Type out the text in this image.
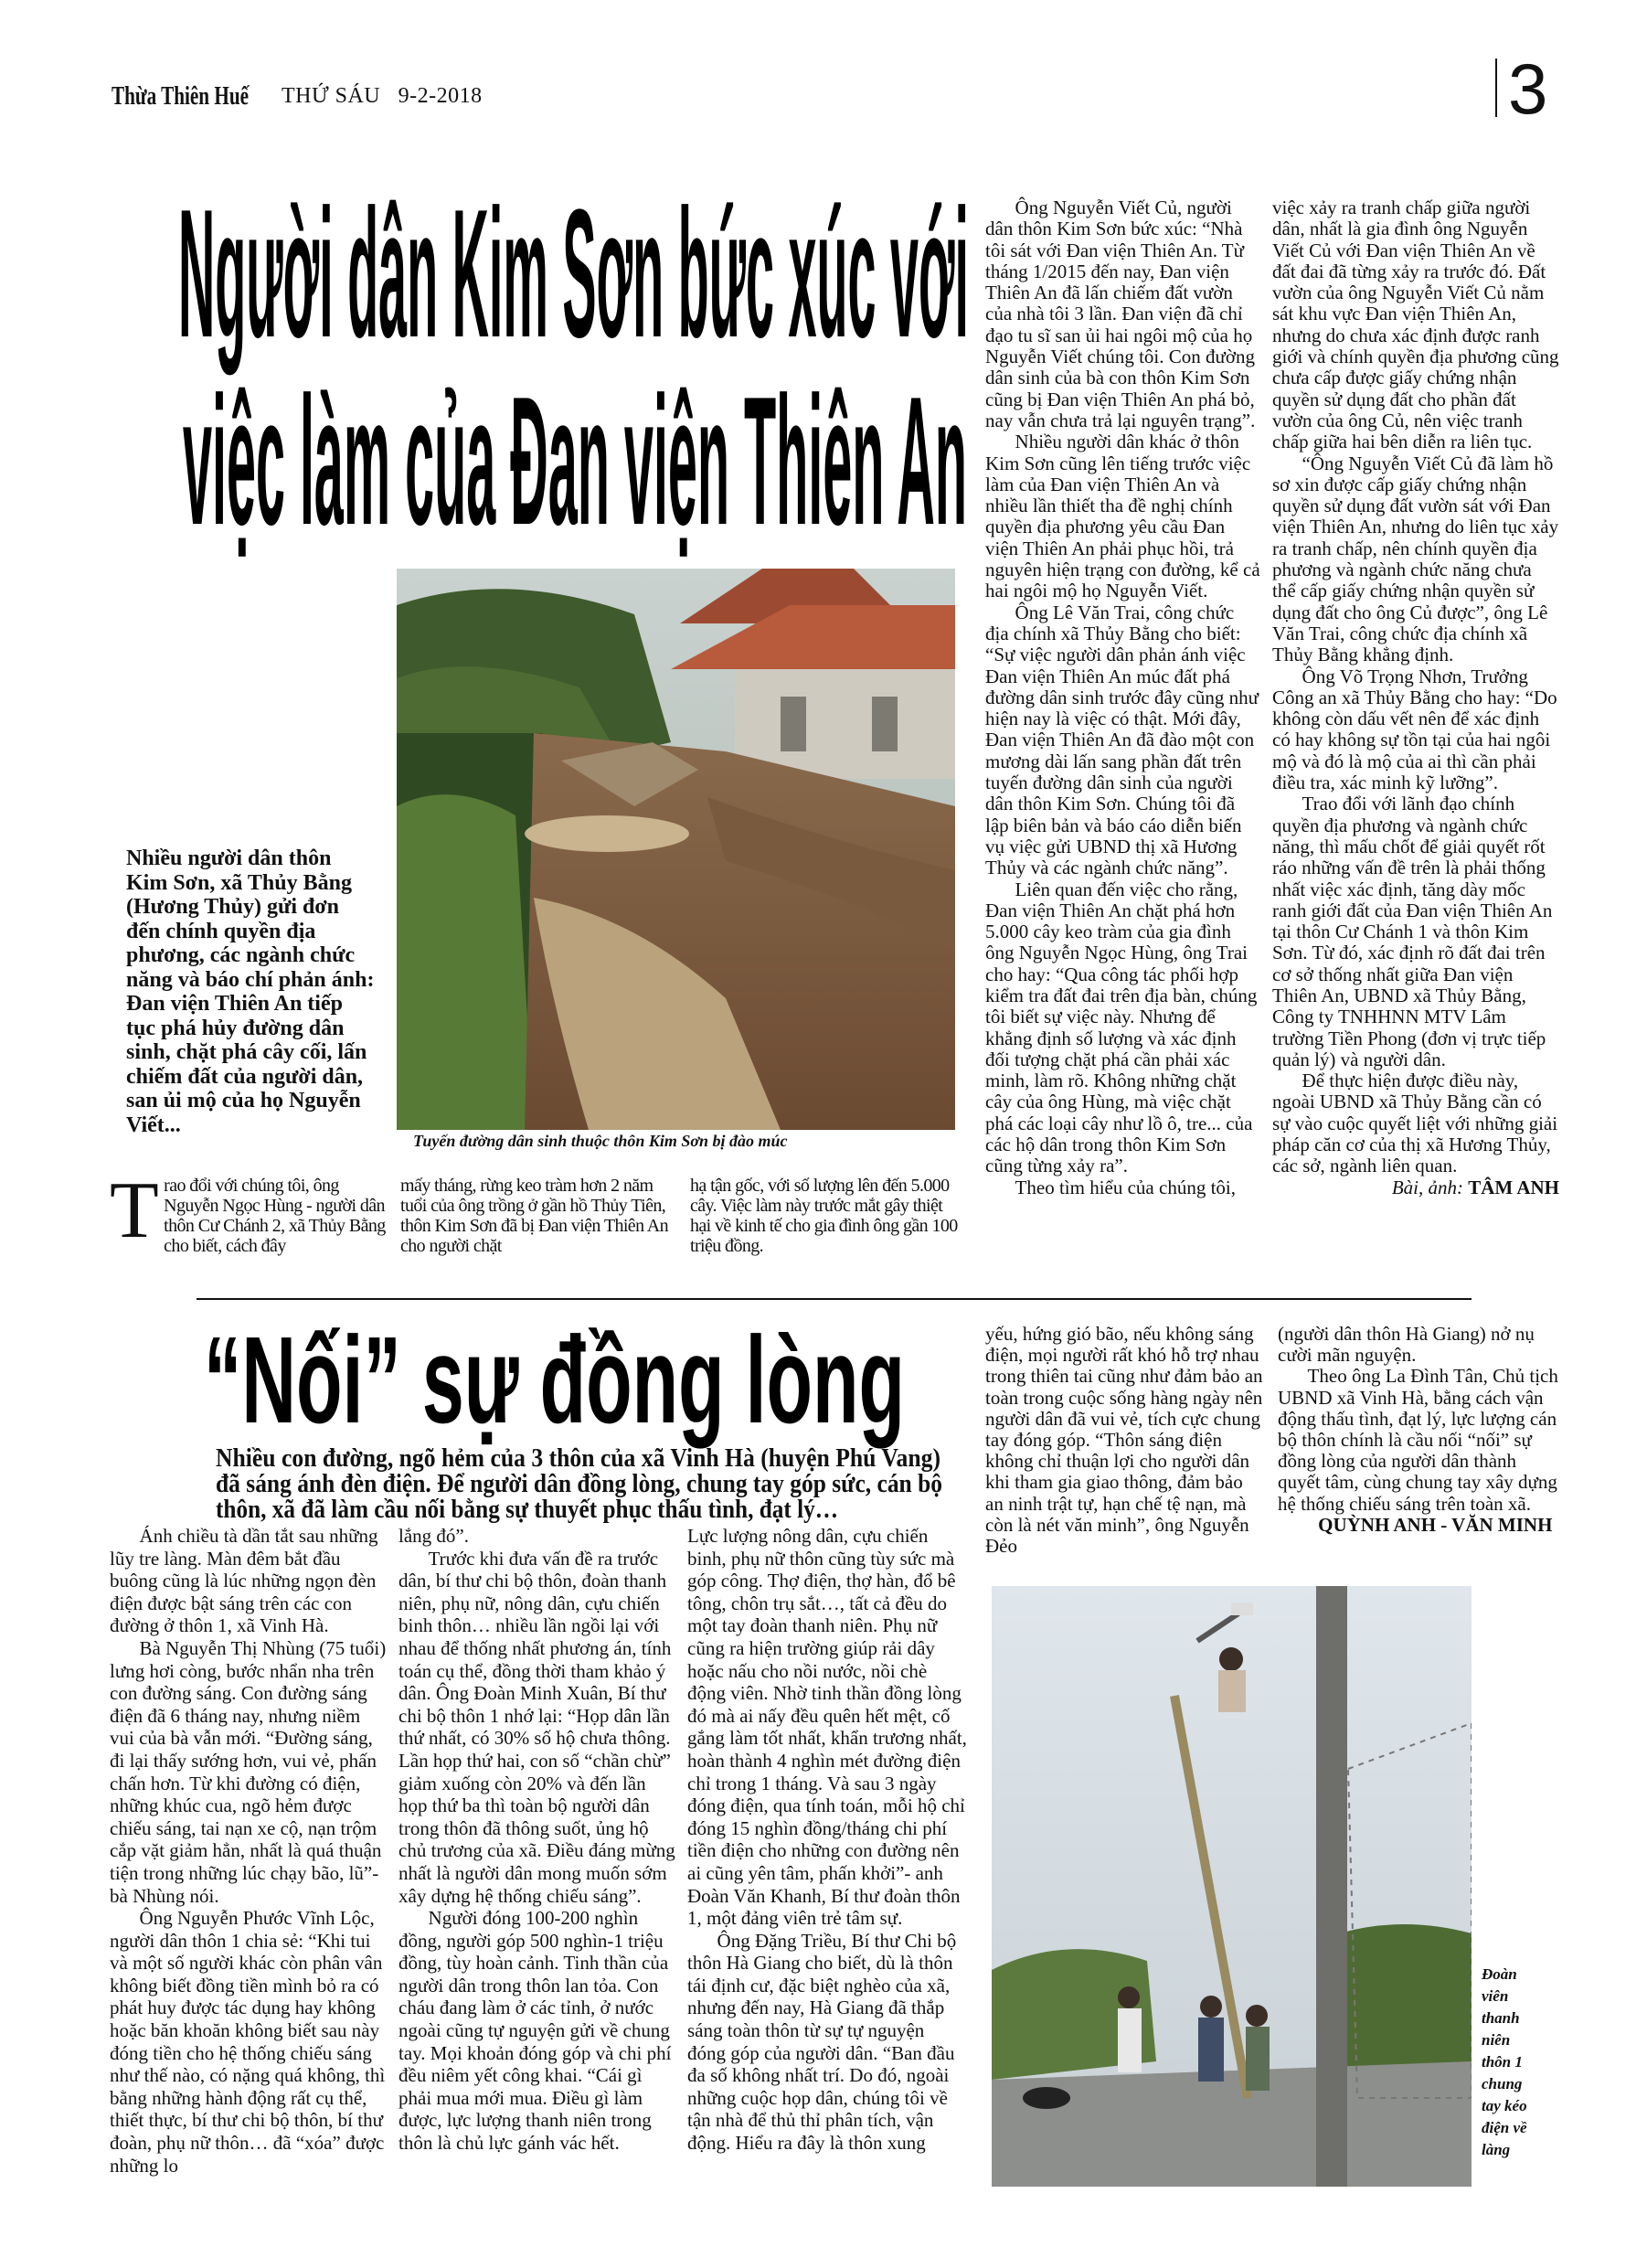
Thừa Thiên Huế	THỨ SÁU   9-2-2018	3
Người dân Kim Sơn bức xúc với
việc làm của Đan viện Thiên An
Nhiều người dân thôn Kim Sơn, xã Thủy Bằng (Hương Thủy) gửi đơn đến chính quyền địa phương, các ngành chức năng và báo chí phản ánh: Đan viện Thiên An tiếp tục phá hủy đường dân sinh, chặt phá cây cối, lấn chiếm đất của người dân, san ủi mộ của họ Nguyễn Viết...
Tuyến đường dân sinh thuộc thôn Kim Sơn bị đào múc

Trao đổi với chúng tôi, ông Nguyễn Ngọc Hùng - người dân thôn Cư Chánh 2, xã Thủy Bằng cho biết, cách đây

mấy tháng, rừng keo tràm hơn 2 năm tuổi của ông trồng ở gần hồ Thủy Tiên, thôn Kim Sơn đã bị Đan viện Thiên An cho người chặt

hạ tận gốc, với số lượng lên đến 5.000 cây. Việc làm này trước mắt gây thiệt hại về kinh tế cho gia đình ông gần 100 triệu đồng.

Ông Nguyễn Viết Củ, người dân thôn Kim Sơn bức xúc: “Nhà tôi sát với Đan viện Thiên An. Từ tháng 1/2015 đến nay, Đan viện Thiên An đã lấn chiếm đất vườn của nhà tôi 3 lần. Đan viện đã chỉ đạo tu sĩ san ủi hai ngôi mộ của họ Nguyễn Viết chúng tôi. Con đường dân sinh của bà con thôn Kim Sơn cũng bị Đan viện Thiên An phá bỏ, nay vẫn chưa trả lại nguyên trạng”.

Nhiều người dân khác ở thôn Kim Sơn cũng lên tiếng trước việc làm của Đan viện Thiên An và nhiều lần thiết tha đề nghị chính quyền địa phương yêu cầu Đan viện Thiên An phải phục hồi, trả nguyên hiện trạng con đường, kể cả hai ngôi mộ họ Nguyễn Viết.

Ông Lê Văn Trai, công chức địa chính xã Thủy Bằng cho biết: “Sự việc người dân phản ánh việc Đan viện Thiên An múc đất phá đường dân sinh trước đây cũng như hiện nay là việc có thật. Mới đây, Đan viện Thiên An đã đào một con mương dài lấn sang phần đất trên tuyến đường dân sinh của người dân thôn Kim Sơn. Chúng tôi đã lập biên bản và báo cáo diễn biến vụ việc gửi UBND thị xã Hương Thủy và các ngành chức năng”.

Liên quan đến việc cho rằng, Đan viện Thiên An chặt phá hơn 5.000 cây keo tràm của gia đình ông Nguyễn Ngọc Hùng, ông Trai cho hay: “Qua công tác phối hợp kiểm tra đất đai trên địa bàn, chúng tôi biết sự việc này. Nhưng để khẳng định số lượng và xác định đối tượng chặt phá cần phải xác minh, làm rõ. Không những chặt cây của ông Hùng, mà việc chặt phá các loại cây như lồ ô, tre... của các hộ dân trong thôn Kim Sơn cũng từng xảy ra”.

Theo tìm hiểu của chúng tôi,

việc xảy ra tranh chấp giữa người dân, nhất là gia đình ông Nguyễn Viết Củ với Đan viện Thiên An về đất đai đã từng xảy ra trước đó. Đất vườn của ông Nguyễn Viết Củ nằm sát khu vực Đan viện Thiên An, nhưng do chưa xác định được ranh giới và chính quyền địa phương cũng chưa cấp được giấy chứng nhận quyền sử dụng đất cho phần đất vườn của ông Củ, nên việc tranh chấp giữa hai bên diễn ra liên tục.

“Ông Nguyễn Viết Củ đã làm hồ sơ xin được cấp giấy chứng nhận quyền sử dụng đất vườn sát với Đan viện Thiên An, nhưng do liên tục xảy ra tranh chấp, nên chính quyền địa phương và ngành chức năng chưa thể cấp giấy chứng nhận quyền sử dụng đất cho ông Củ được”, ông Lê Văn Trai, công chức địa chính xã Thủy Bằng khẳng định.

Ông Võ Trọng Nhơn, Trưởng Công an xã Thủy Bằng cho hay: “Do không còn dấu vết nên để xác định có hay không sự tồn tại của hai ngôi mộ và đó là mộ của ai thì cần phải điều tra, xác minh kỹ lưỡng”.

Trao đổi với lãnh đạo chính quyền địa phương và ngành chức năng, thì mấu chốt để giải quyết rốt ráo những vấn đề trên là phải thống nhất việc xác định, tăng dày mốc ranh giới đất của Đan viện Thiên An tại thôn Cư Chánh 1 và thôn Kim Sơn. Từ đó, xác định rõ đất đai trên cơ sở thống nhất giữa Đan viện Thiên An, UBND xã Thủy Bằng, Công ty TNHHNN MTV Lâm trường Tiền Phong (đơn vị trực tiếp quản lý) và người dân.

Để thực hiện được điều này, ngoài UBND xã Thủy Bằng cần có sự vào cuộc quyết liệt với những giải pháp căn cơ của thị xã Hương Thủy, các sở, ngành liên quan.

Bài, ảnh: TÂM ANH

“Nối” sự đồng lòng
Nhiều con đường, ngõ hẻm của 3 thôn của xã Vinh Hà (huyện Phú Vang)
đã sáng ánh đèn điện. Để người dân đồng lòng, chung tay góp sức, cán bộ
thôn, xã đã làm cầu nối bằng sự thuyết phục thấu tình, đạt lý…

Ánh chiều tà dần tắt sau những lũy tre làng. Màn đêm bắt đầu buông cũng là lúc những ngọn đèn điện được bật sáng trên các con đường ở thôn 1, xã Vinh Hà.

Bà Nguyễn Thị Nhùng (75 tuổi) lưng hơi còng, bước nhẩn nha trên con đường sáng. Con đường sáng điện đã 6 tháng nay, nhưng niềm vui của bà vẫn mới. “Đường sáng, đi lại thấy sướng hơn, vui vẻ, phấn chấn hơn. Từ khi đường có điện, những khúc cua, ngõ hẻm được chiếu sáng, tai nạn xe cộ, nạn trộm cắp vặt giảm hẳn, nhất là quá thuận tiện trong những lúc chạy bão, lũ”- bà Nhùng nói.

Ông Nguyễn Phước Vĩnh Lộc, người dân thôn 1 chia sẻ: “Khi tui và một số người khác còn phân vân không biết đồng tiền mình bỏ ra có phát huy được tác dụng hay không hoặc băn khoăn không biết sau này đóng tiền cho hệ thống chiếu sáng như thế nào, có nặng quá không, thì bằng những hành động rất cụ thể, thiết thực, bí thư chi bộ thôn, bí thư đoàn, phụ nữ thôn… đã “xóa” được những lo

lắng đó”.

Trước khi đưa vấn đề ra trước dân, bí thư chi bộ thôn, đoàn thanh niên, phụ nữ, nông dân, cựu chiến binh thôn… nhiều lần ngồi lại với nhau để thống nhất phương án, tính toán cụ thể, đồng thời tham khảo ý dân. Ông Đoàn Minh Xuân, Bí thư chi bộ thôn 1 nhớ lại: “Họp dân lần thứ nhất, có 30% số hộ chưa thông. Lần họp thứ hai, con số “chần chừ” giảm xuống còn 20% và đến lần họp thứ ba thì toàn bộ người dân trong thôn đã thông suốt, ủng hộ chủ trương của xã. Điều đáng mừng nhất là người dân mong muốn sớm xây dựng hệ thống chiếu sáng”.

Người đóng 100-200 nghìn đồng, người góp 500 nghìn-1 triệu đồng, tùy hoàn cảnh. Tinh thần của người dân trong thôn lan tỏa. Con cháu đang làm ở các tỉnh, ở nước ngoài cũng tự nguyện gửi về chung tay. Mọi khoản đóng góp và chi phí đều niêm yết công khai. “Cái gì phải mua mới mua. Điều gì làm được, lực lượng thanh niên trong thôn là chủ lực gánh vác hết.

Lực lượng nông dân, cựu chiến binh, phụ nữ thôn cũng tùy sức mà góp công. Thợ điện, thợ hàn, đổ bê tông, chôn trụ sắt…, tất cả đều do một tay đoàn thanh niên. Phụ nữ cũng ra hiện trường giúp rải dây hoặc nấu cho nồi nước, nồi chè động viên. Nhờ tinh thần đồng lòng đó mà ai nấy đều quên hết mệt, cố gắng làm tốt nhất, khẩn trương nhất, hoàn thành 4 nghìn mét đường điện chỉ trong 1 tháng. Và sau 3 ngày đóng điện, qua tính toán, mỗi hộ chỉ đóng 15 nghìn đồng/tháng chi phí tiền điện cho những con đường nên ai cũng yên tâm, phấn khởi”- anh Đoàn Văn Khanh, Bí thư đoàn thôn 1, một đảng viên trẻ tâm sự.

Ông Đặng Triều, Bí thư Chi bộ thôn Hà Giang cho biết, dù là thôn tái định cư, đặc biệt nghèo của xã, nhưng đến nay, Hà Giang đã thắp sáng toàn thôn từ sự tự nguyện đóng góp của người dân. “Ban đầu đa số không nhất trí. Do đó, ngoài những cuộc họp dân, chúng tôi về tận nhà để thủ thỉ phân tích, vận động. Hiểu ra đây là thôn xung

yếu, hứng gió bão, nếu không sáng điện, mọi người rất khó hỗ trợ nhau trong thiên tai cũng như đảm bảo an toàn trong cuộc sống hàng ngày nên người dân đã vui vẻ, tích cực chung tay đóng góp. “Thôn sáng điện không chỉ thuận lợi cho người dân khi tham gia giao thông, đảm bảo an ninh trật tự, hạn chế tệ nạn, mà còn là nét văn minh”, ông Nguyễn Đẻo

(người dân thôn Hà Giang) nở nụ cười mãn nguyện.

Theo ông La Đình Tân, Chủ tịch UBND xã Vinh Hà, bằng cách vận động thấu tình, đạt lý, lực lượng cán bộ thôn chính là cầu nối “nối” sự đồng lòng của người dân thành quyết tâm, cùng chung tay xây dựng hệ thống chiếu sáng trên toàn xã.

QUỲNH ANH - VĂN MINH

Đoàn viên thanh niên thôn 1 chung tay kéo điện về làng
